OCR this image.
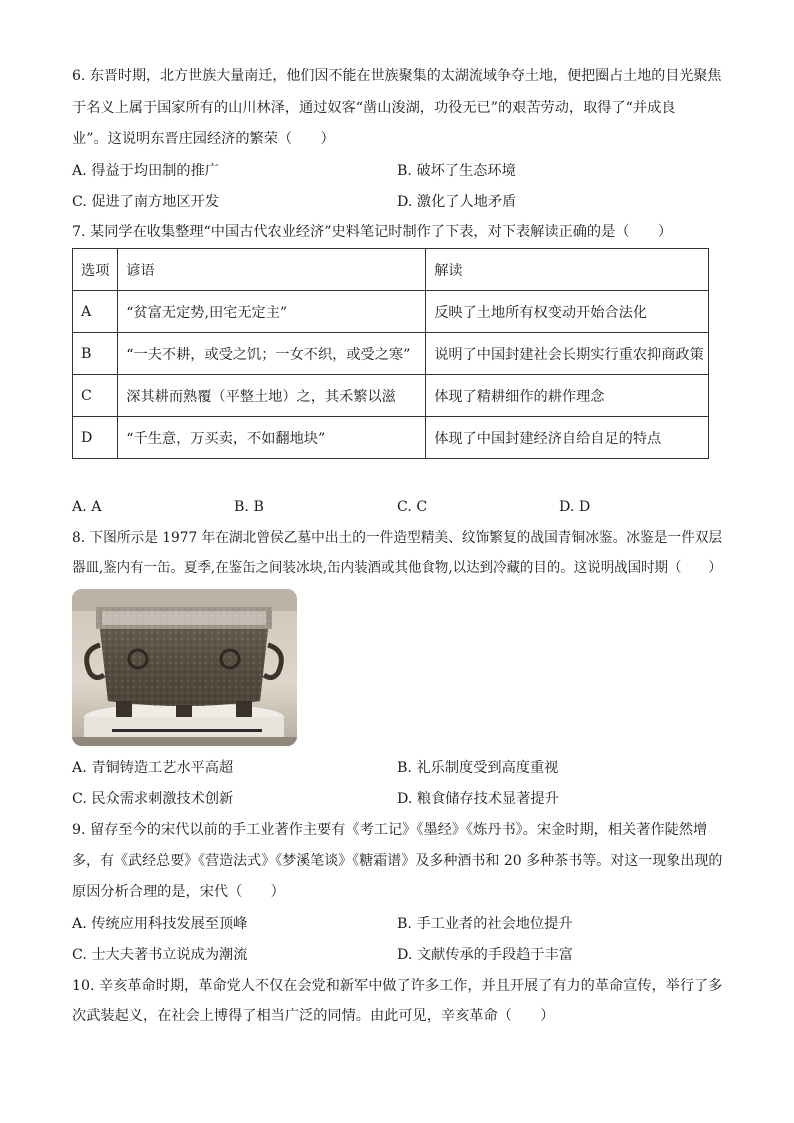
6. 东晋时期，北方世族大量南迁，他们因不能在世族聚集的太湖流域争夺土地，便把圈占土地的目光聚焦
于名义上属于国家所有的山川林泽，通过奴客“凿山浚湖，功役无已”的艰苦劳动，取得了“并成良
业”。这说明东晋庄园经济的繁荣（　　）
A. 得益于均田制的推广	B. 破坏了生态环境
C. 促进了南方地区开发	D. 激化了人地矛盾
7. 某同学在收集整理“中国古代农业经济”史料笔记时制作了下表，对下表解读正确的是（　　）
选项	谚语	解读
A	“贫富无定势,田宅无定主”	反映了土地所有权变动开始合法化
B	“一夫不耕，或受之饥；一女不织，或受之寒”	说明了中国封建社会长期实行重农抑商政策
C	深其耕而熟覆（平整土地）之，其禾繁以滋	体现了精耕细作的耕作理念
D	“千生意，万买卖，不如翻地块”	体现了中国封建经济自给自足的特点
A. A	B. B	C. C	D. D
8. 下图所示是 1977 年在湖北曾侯乙墓中出土的一件造型精美、纹饰繁复的战国青铜冰鉴。冰鉴是一件双层
器皿,鉴内有一缶。夏季,在鉴缶之间装冰块,缶内装酒或其他食物,以达到冷藏的目的。这说明战国时期（　　）
A. 青铜铸造工艺水平高超	B. 礼乐制度受到高度重视
C. 民众需求刺激技术创新	D. 粮食储存技术显著提升
9. 留存至今的宋代以前的手工业著作主要有《考工记》《墨经》《炼丹书》。宋金时期，相关著作陡然增
多，有《武经总要》《营造法式》《梦溪笔谈》《糖霜谱》及多种酒书和 20 多种茶书等。对这一现象出现的
原因分析合理的是，宋代（　　）
A. 传统应用科技发展至顶峰	B. 手工业者的社会地位提升
C. 士大夫著书立说成为潮流	D. 文献传承的手段趋于丰富
10. 辛亥革命时期，革命党人不仅在会党和新军中做了许多工作，并且开展了有力的革命宣传，举行了多
次武装起义，在社会上博得了相当广泛的同情。由此可见，辛亥革命（　　）
